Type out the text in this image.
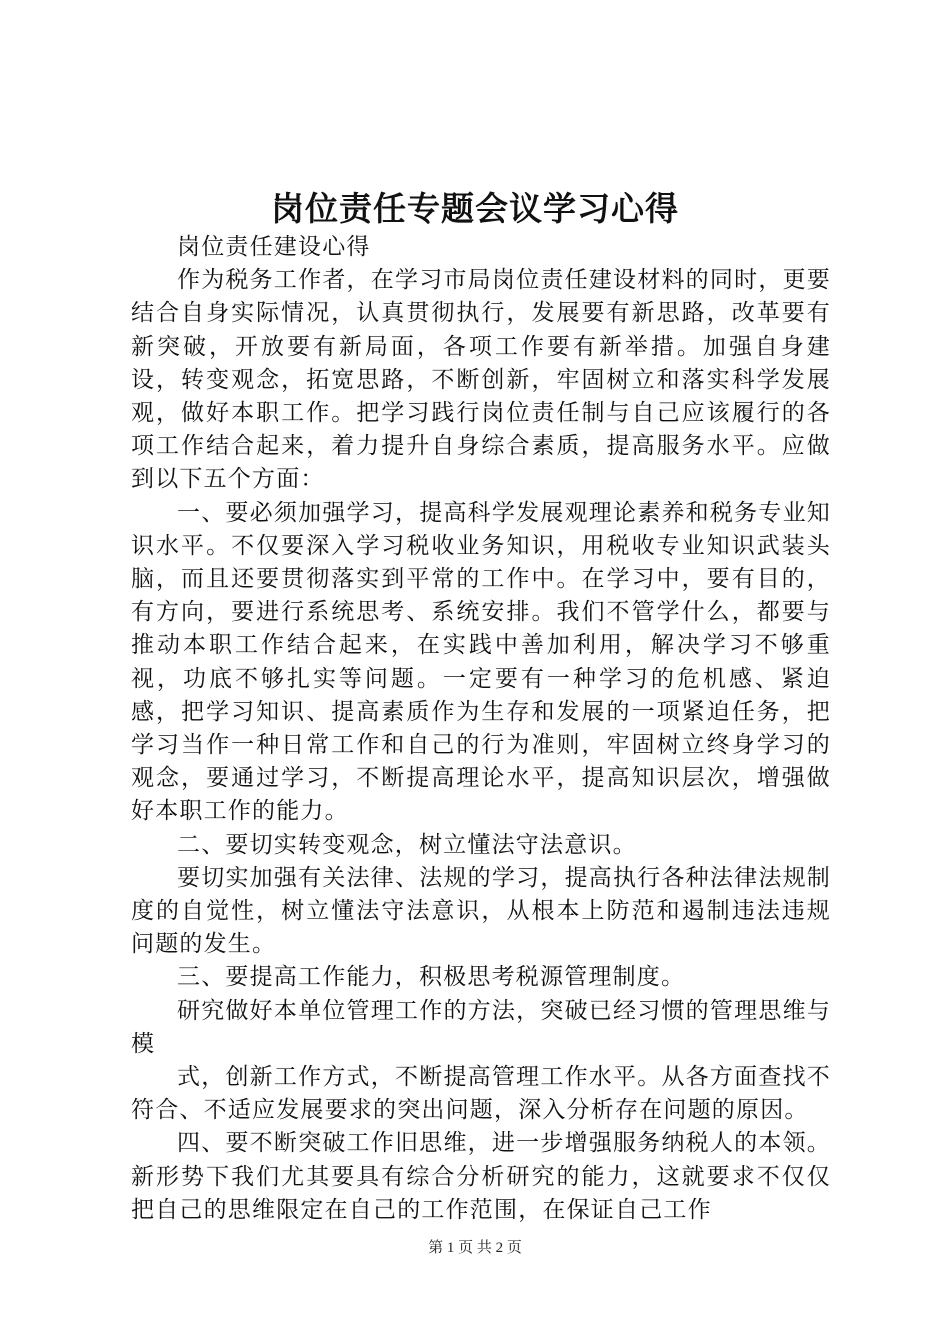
岗位责任专题会议学习心得

岗位责任建设心得

作为税务工作者，在学习市局岗位责任建设材料的同时，更要结合自身实际情况，认真贯彻执行，发展要有新思路，改革要有新突破，开放要有新局面，各项工作要有新举措。加强自身建设，转变观念，拓宽思路，不断创新，牢固树立和落实科学发展观，做好本职工作。把学习践行岗位责任制与自己应该履行的各项工作结合起来，着力提升自身综合素质，提高服务水平。应做到以下五个方面：

一、要必须加强学习，提高科学发展观理论素养和税务专业知识水平。不仅要深入学习税收业务知识，用税收专业知识武装头脑，而且还要贯彻落实到平常的工作中。在学习中，要有目的，有方向，要进行系统思考、系统安排。我们不管学什么，都要与推动本职工作结合起来，在实践中善加利用，解决学习不够重视，功底不够扎实等问题。一定要有一种学习的危机感、紧迫感，把学习知识、提高素质作为生存和发展的一项紧迫任务，把学习当作一种日常工作和自己的行为准则，牢固树立终身学习的观念，要通过学习，不断提高理论水平，提高知识层次，增强做好本职工作的能力。

二、要切实转变观念，树立懂法守法意识。

要切实加强有关法律、法规的学习，提高执行各种法律法规制度的自觉性，树立懂法守法意识，从根本上防范和遏制违法违规问题的发生。

三、要提高工作能力，积极思考税源管理制度。

研究做好本单位管理工作的方法，突破已经习惯的管理思维与模

式，创新工作方式，不断提高管理工作水平。从各方面查找不符合、不适应发展要求的突出问题，深入分析存在问题的原因。

四、要不断突破工作旧思维，进一步增强服务纳税人的本领。新形势下我们尤其要具有综合分析研究的能力，这就要求不仅仅把自己的思维限定在自己的工作范围，在保证自己工作

第 1 页 共 2 页
